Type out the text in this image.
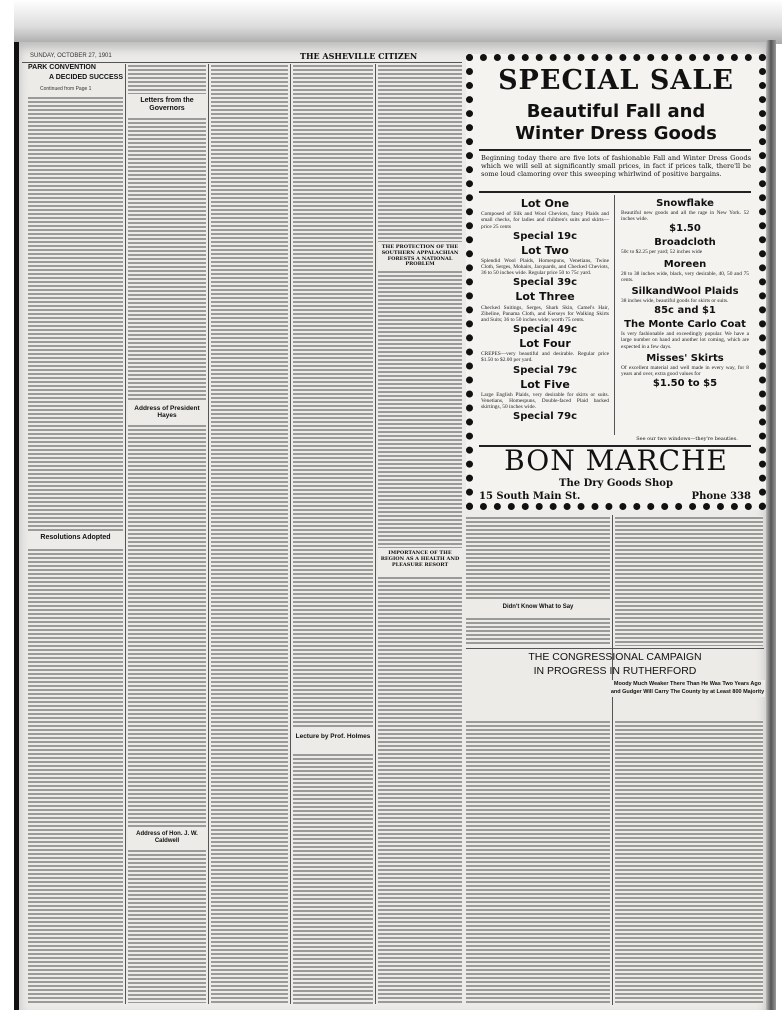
SUNDAY, OCTOBER 27, 1901	THE ASHEVILLE CITIZEN
PARK CONVENTION
A DECIDED SUCCESS
Continued from Page 1
Resolutions Adopted
Letters from the Governors
Address of President Hayes
Address of Hon. J. W. Caldwell
Lecture by Prof. Holmes
THE PROTECTION OF THE SOUTHERN APPALACHIAN FORESTS A NATIONAL PROBLEM
IMPORTANCE OF THE REGION AS A HEALTH AND PLEASURE RESORT
Didn't Know What to Say
THE CONGRESSIONAL CAMPAIGN
IN PROGRESS IN RUTHERFORD
Moody Much Weaker There Than He Was Two Years Ago and Gudger Will Carry The County by at Least 800 Majority
SPECIAL SALE
Beautiful Fall and
Winter Dress Goods
Beginning today there are five lots of fashionable Fall and Winter Dress Goods which we will sell at significantly small prices, in fact if prices talk, there'll be some loud clamoring over this sweeping whirlwind of positive bargains.
Lot One
Composed of Silk and Wool Cheviots, fancy Plaids and small checks, for ladies and children's suits and skirts—price 25 cents
Special 19c
Lot Two
Splendid Wool Plaids, Homespuns, Venetians, Twine Cloth, Serges, Mohairs, Jacquards, and Checked Cheviots, 36 to 50 inches wide. Regular price 50 to 75c yard.
Special 39c
Lot Three
Checked Suitings, Serges, Shark Skin, Camel's Hair, Zibeline, Panama Cloth, and Kerseys for Walking Skirts and Suits; 36 to 50 inches wide; worth 75 cents.
Special 49c
Lot Four
CREPES—very beautiful and desirable. Regular price $1.50 to $2.00 per yard.
Special 79c
Lot Five
Large English Plaids, very desirable for skirts or suits. Venetians, Homespuns, Double-faced Plaid backed skirtings, 50 inches wide.
Special 79c
Snowflake
Beautiful new goods and all the rage in New York. 52 inches wide.
$1.50
Broadcloth
50c to $2.25 per yard; 52 inches wide
Moreen
28 to 38 inches wide, black, very desirable, 40, 50 and 75 cents.
SilkandWool Plaids
38 inches wide, beautiful goods for skirts or suits.
85c and $1
The Monte Carlo Coat
Is very fashionable and exceedingly popular. We have a large number on hand and another lot coming, which are expected in a few days.
Misses' Skirts
Of excellent material and well made in every way, for 8 years and over, extra good values for
$1.50 to $5
See our two windows—they're beauties.
BON MARCHE
The Dry Goods Shop
15 South Main St.	Phone 338
